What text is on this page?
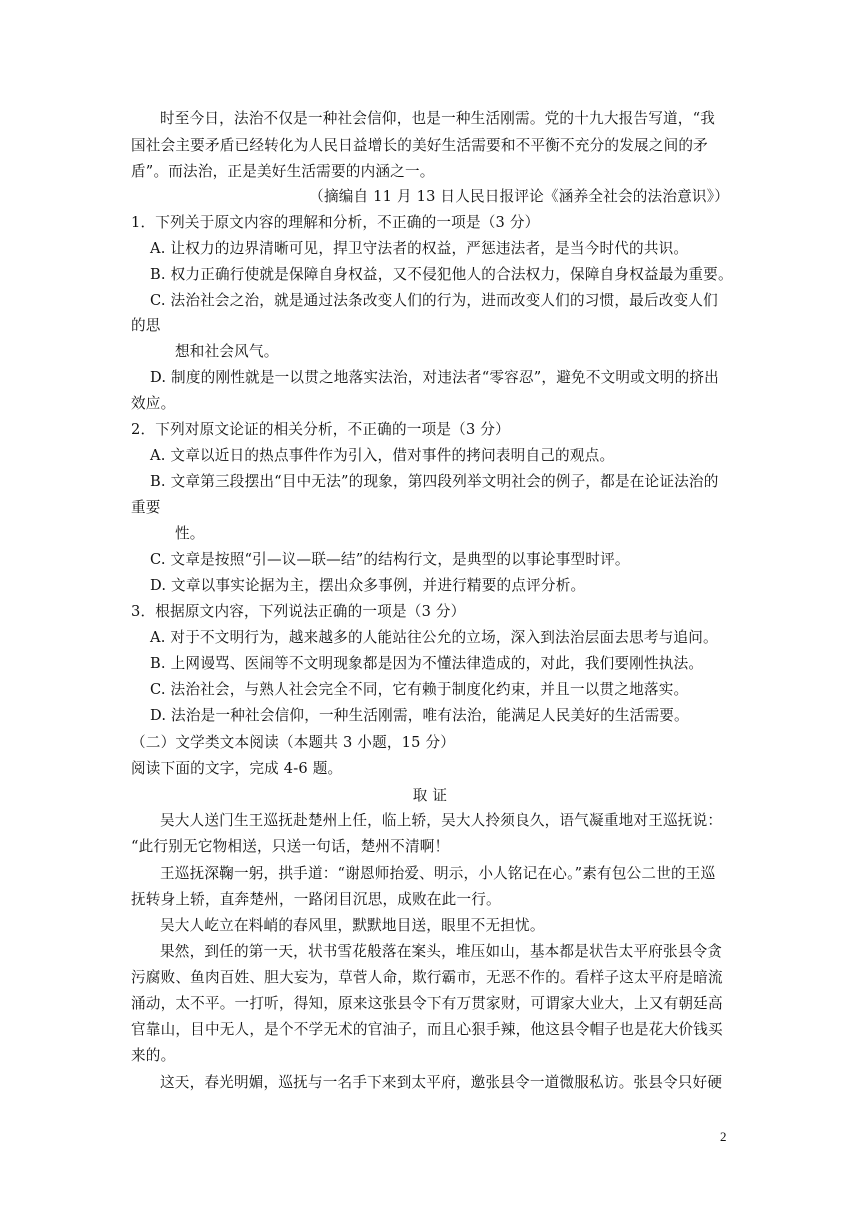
时至今日，法治不仅是一种社会信仰，也是一种生活刚需。党的十九大报告写道，“我
国社会主要矛盾已经转化为人民日益增长的美好生活需要和不平衡不充分的发展之间的矛
盾”。而法治，正是美好生活需要的内涵之一。
（摘编自 11 月 13 日人民日报评论《涵养全社会的法治意识》）
1．下列关于原文内容的理解和分析，不正确的一项是（3 分）
A. 让权力的边界清晰可见，捍卫守法者的权益，严惩违法者，是当今时代的共识。
B. 权力正确行使就是保障自身权益，又不侵犯他人的合法权力，保障自身权益最为重要。
C. 法治社会之治，就是通过法条改变人们的行为，进而改变人们的习惯，最后改变人们
的思
想和社会风气。
D. 制度的刚性就是一以贯之地落实法治，对违法者“零容忍”，避免不文明或文明的挤出
效应。
2．下列对原文论证的相关分析，不正确的一项是（3 分）
A. 文章以近日的热点事件作为引入，借对事件的拷问表明自己的观点。
B. 文章第三段摆出“目中无法”的现象，第四段列举文明社会的例子，都是在论证法治的
重要
性。
C. 文章是按照“引—议—联—结”的结构行文，是典型的以事论事型时评。
D. 文章以事实论据为主，摆出众多事例，并进行精要的点评分析。
3．根据原文内容，下列说法正确的一项是（3 分）
A. 对于不文明行为，越来越多的人能站往公允的立场，深入到法治层面去思考与追问。
B. 上网谩骂、医闹等不文明现象都是因为不懂法律造成的，对此，我们要刚性执法。
C. 法治社会，与熟人社会完全不同，它有赖于制度化约束，并且一以贯之地落实。
D. 法治是一种社会信仰，一种生活刚需，唯有法治，能满足人民美好的生活需要。
（二）文学类文本阅读（本题共 3 小题，15 分）
阅读下面的文字，完成 4-6 题。
取 证
吴大人送门生王巡抚赴楚州上任，临上轿，吴大人拎须良久，语气凝重地对王巡抚说：
“此行别无它物相送，只送一句话，楚州不清啊！
王巡抚深鞠一躬，拱手道：“谢恩师抬爱、明示，小人铭记在心。”素有包公二世的王巡
抚转身上轿，直奔楚州，一路闭目沉思，成败在此一行。
吴大人屹立在料峭的春风里，默默地目送，眼里不无担忧。
果然，到任的第一天，状书雪花般落在案头，堆压如山，基本都是状告太平府张县令贪
污腐败、鱼肉百姓、胆大妄为，草菅人命，欺行霸市，无恶不作的。看样子这太平府是暗流
涌动，太不平。一打听，得知，原来这张县令下有万贯家财，可谓家大业大，上又有朝廷高
官靠山，目中无人，是个不学无术的官油子，而且心狠手辣，他这县令帽子也是花大价钱买
来的。
这天，春光明媚，巡抚与一名手下来到太平府，邀张县令一道微服私访。张县令只好硬
2
